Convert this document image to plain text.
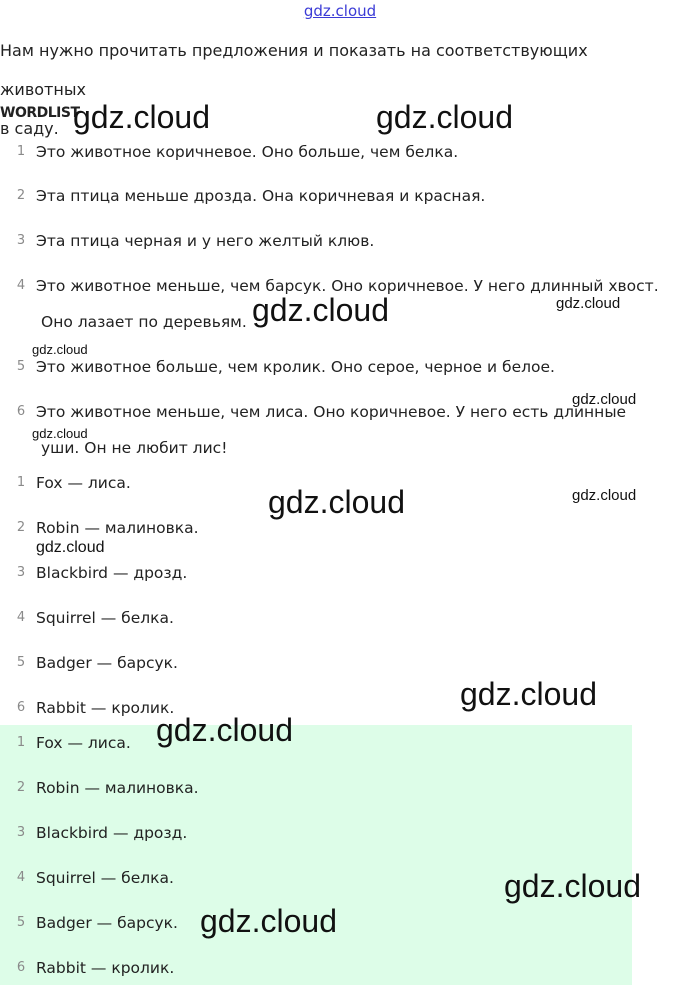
gdz.cloud
Нам нужно прочитать предложения и показать на соответствующих животных
в саду.
WORDLIST
1 Это животное коричневое. Оно больше, чем белка.
2 Эта птица меньше дрозда. Она коричневая и красная.
3 Эта птица черная и у него желтый клюв.
4 Это животное меньше, чем барсук. Оно коричневое. У него длинный хвост.
Оно лазает по деревьям.
5 Это животное больше, чем кролик. Оно серое, черное и белое.
6 Это животное меньше, чем лиса. Оно коричневое. У него есть длинные
уши. Он не любит лис!
1 Fox — лиса.
2 Robin — малиновка.
3 Blackbird — дрозд.
4 Squirrel — белка.
5 Badger — барсук.
6 Rabbit — кролик.
1 Fox — лиса.
2 Robin — малиновка.
3 Blackbird — дрозд.
4 Squirrel — белка.
5 Badger — барсук.
6 Rabbit — кролик.
gdz.cloud	gdz.cloud
gdz.cloud	gdz.cloud
gdz.cloud
gdz.cloud
gdz.cloud
gdz.cloud	gdz.cloud
gdz.cloud
gdz.cloud
gdz.cloud
gdz.cloud
gdz.cloud
